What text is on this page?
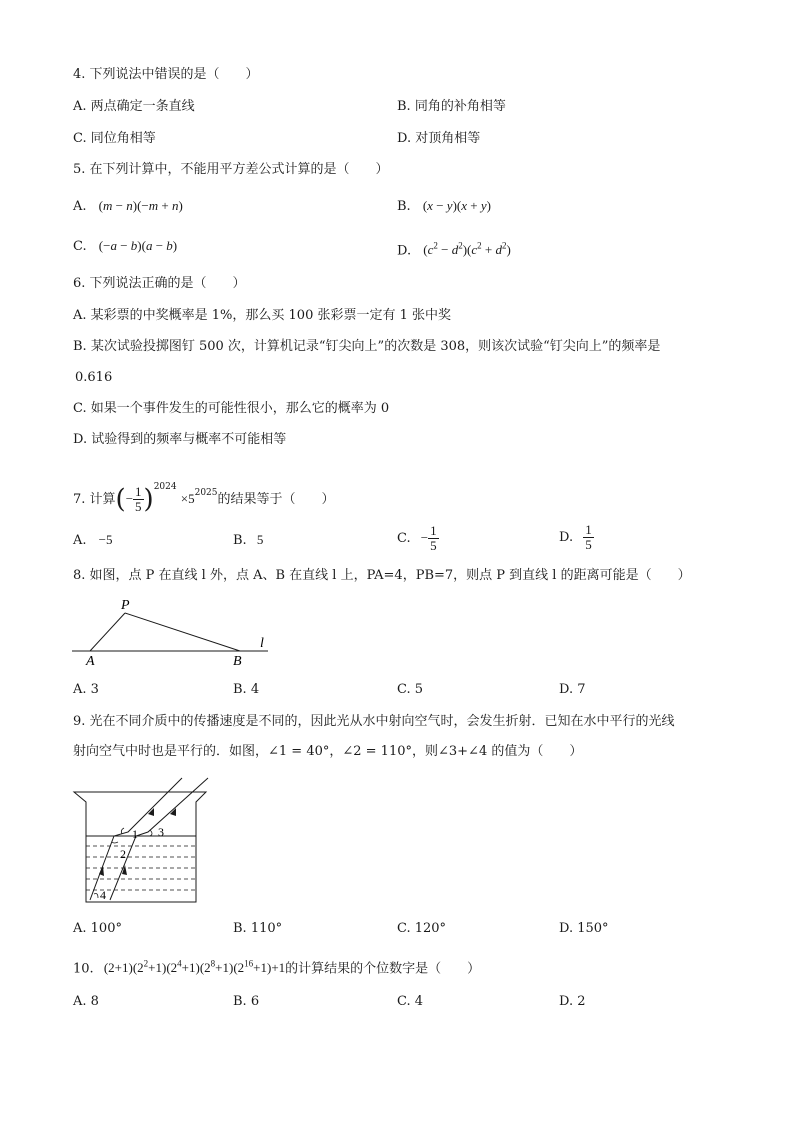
4. 下列说法中错误的是（　　）
A. 两点确定一条直线	B. 同角的补角相等
C. 同位角相等	D. 对顶角相等
5. 在下列计算中，不能用平方差公式计算的是（　　）
A. (m − n)(−m + n)	B. (x − y)(x + y)
C. (−a − b)(a − b)	D. $(c^2 - d^2)(c^2 + d^2)$
6. 下列说法正确的是（　　）
A. 某彩票的中奖概率是 1%，那么买 100 张彩票一定有 1 张中奖
B. 某次试验投掷图钉 500 次，计算机记录“钉尖向上”的次数是 308，则该次试验“钉尖向上”的频率是
0.616
C. 如果一个事件发生的可能性很小，那么它的概率为 0
D. 试验得到的频率与概率不可能相等
7. 计算(− $\frac{1}{5} )^{2024} \times 5^{2025}$的结果等于（　　）
A. −5	B. 5	C. − $\frac{1}{5}$	D. $\frac{1}{5}$
8. 如图，点 P 在直线 l 外，点 A、B 在直线 l 上，PA=4，PB=7，则点 P 到直线 l 的距离可能是（　　）
P
A	B
l
A. 3	B. 4	C. 5	D. 7
9. 光在不同介质中的传播速度是不同的，因此光从水中射向空气时，会发生折射．已知在水中平行的光线
射向空气中时也是平行的．如图，∠1 = 40°，∠2 = 110°，则∠3+∠4 的值为（　　）
1
2
3
4
A. 100°	B. 110°	C. 120°	D. 150°
10. $(2+1)(2^2+1)(2^4+1)(2^8+1)(2^{16}+1)+1$的计算结果的个位数字是（　　）
A. 8	B. 6	C. 4	D. 2
